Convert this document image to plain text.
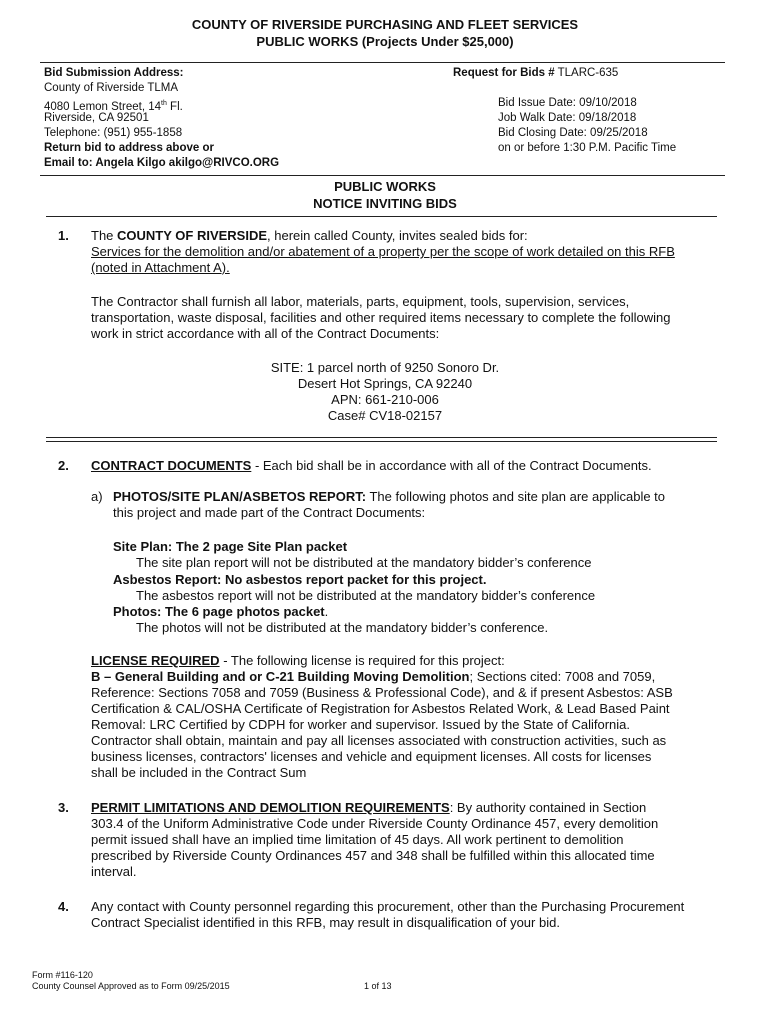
COUNTY OF RIVERSIDE PURCHASING AND FLEET SERVICES
PUBLIC WORKS (Projects Under $25,000)
Bid Submission Address:
County of Riverside TLMA
4080 Lemon Street, 14th Fl.
Riverside, CA 92501
Telephone: (951) 955-1858
Return bid to address above or
Email to: Angela Kilgo akilgo@RIVCO.ORG
Request for Bids # TLARC-635
Bid Issue Date: 09/10/2018
Job Walk Date: 09/18/2018
Bid Closing Date: 09/25/2018
on or before 1:30 P.M. Pacific Time
PUBLIC WORKS
NOTICE INVITING BIDS
1. The COUNTY OF RIVERSIDE, herein called County, invites sealed bids for:
Services for the demolition and/or abatement of a property per the scope of work detailed on this RFB
(noted in Attachment A).
The Contractor shall furnish all labor, materials, parts, equipment, tools, supervision, services,
transportation, waste disposal, facilities and other required items necessary to complete the following
work in strict accordance with all of the Contract Documents:
SITE: 1 parcel north of 9250 Sonoro Dr.
Desert Hot Springs, CA 92240
APN: 661-210-006
Case# CV18-02157
2. CONTRACT DOCUMENTS - Each bid shall be in accordance with all of the Contract Documents.
a) PHOTOS/SITE PLAN/ASBETOS REPORT: The following photos and site plan are applicable to
this project and made part of the Contract Documents:
Site Plan: The 2 page Site Plan packet
The site plan report will not be distributed at the mandatory bidder’s conference
Asbestos Report: No asbestos report packet for this project.
The asbestos report will not be distributed at the mandatory bidder’s conference
Photos: The 6 page photos packet.
The photos will not be distributed at the mandatory bidder’s conference.
LICENSE REQUIRED - The following license is required for this project:
B – General Building and or C-21 Building Moving Demolition; Sections cited: 7008 and 7059,
Reference: Sections 7058 and 7059 (Business & Professional Code), and & if present Asbestos: ASB
Certification & CAL/OSHA Certificate of Registration for Asbestos Related Work, & Lead Based Paint
Removal: LRC Certified by CDPH for worker and supervisor. Issued by the State of California.
Contractor shall obtain, maintain and pay all licenses associated with construction activities, such as
business licenses, contractors' licenses and vehicle and equipment licenses. All costs for licenses
shall be included in the Contract Sum
3. PERMIT LIMITATIONS AND DEMOLITION REQUIREMENTS: By authority contained in Section
303.4 of the Uniform Administrative Code under Riverside County Ordinance 457, every demolition
permit issued shall have an implied time limitation of 45 days. All work pertinent to demolition
prescribed by Riverside County Ordinances 457 and 348 shall be fulfilled within this allocated time
interval.
4. Any contact with County personnel regarding this procurement, other than the Purchasing Procurement
Contract Specialist identified in this RFB, may result in disqualification of your bid.
Form #116-120
County Counsel Approved as to Form 09/25/2015	1 of 13
